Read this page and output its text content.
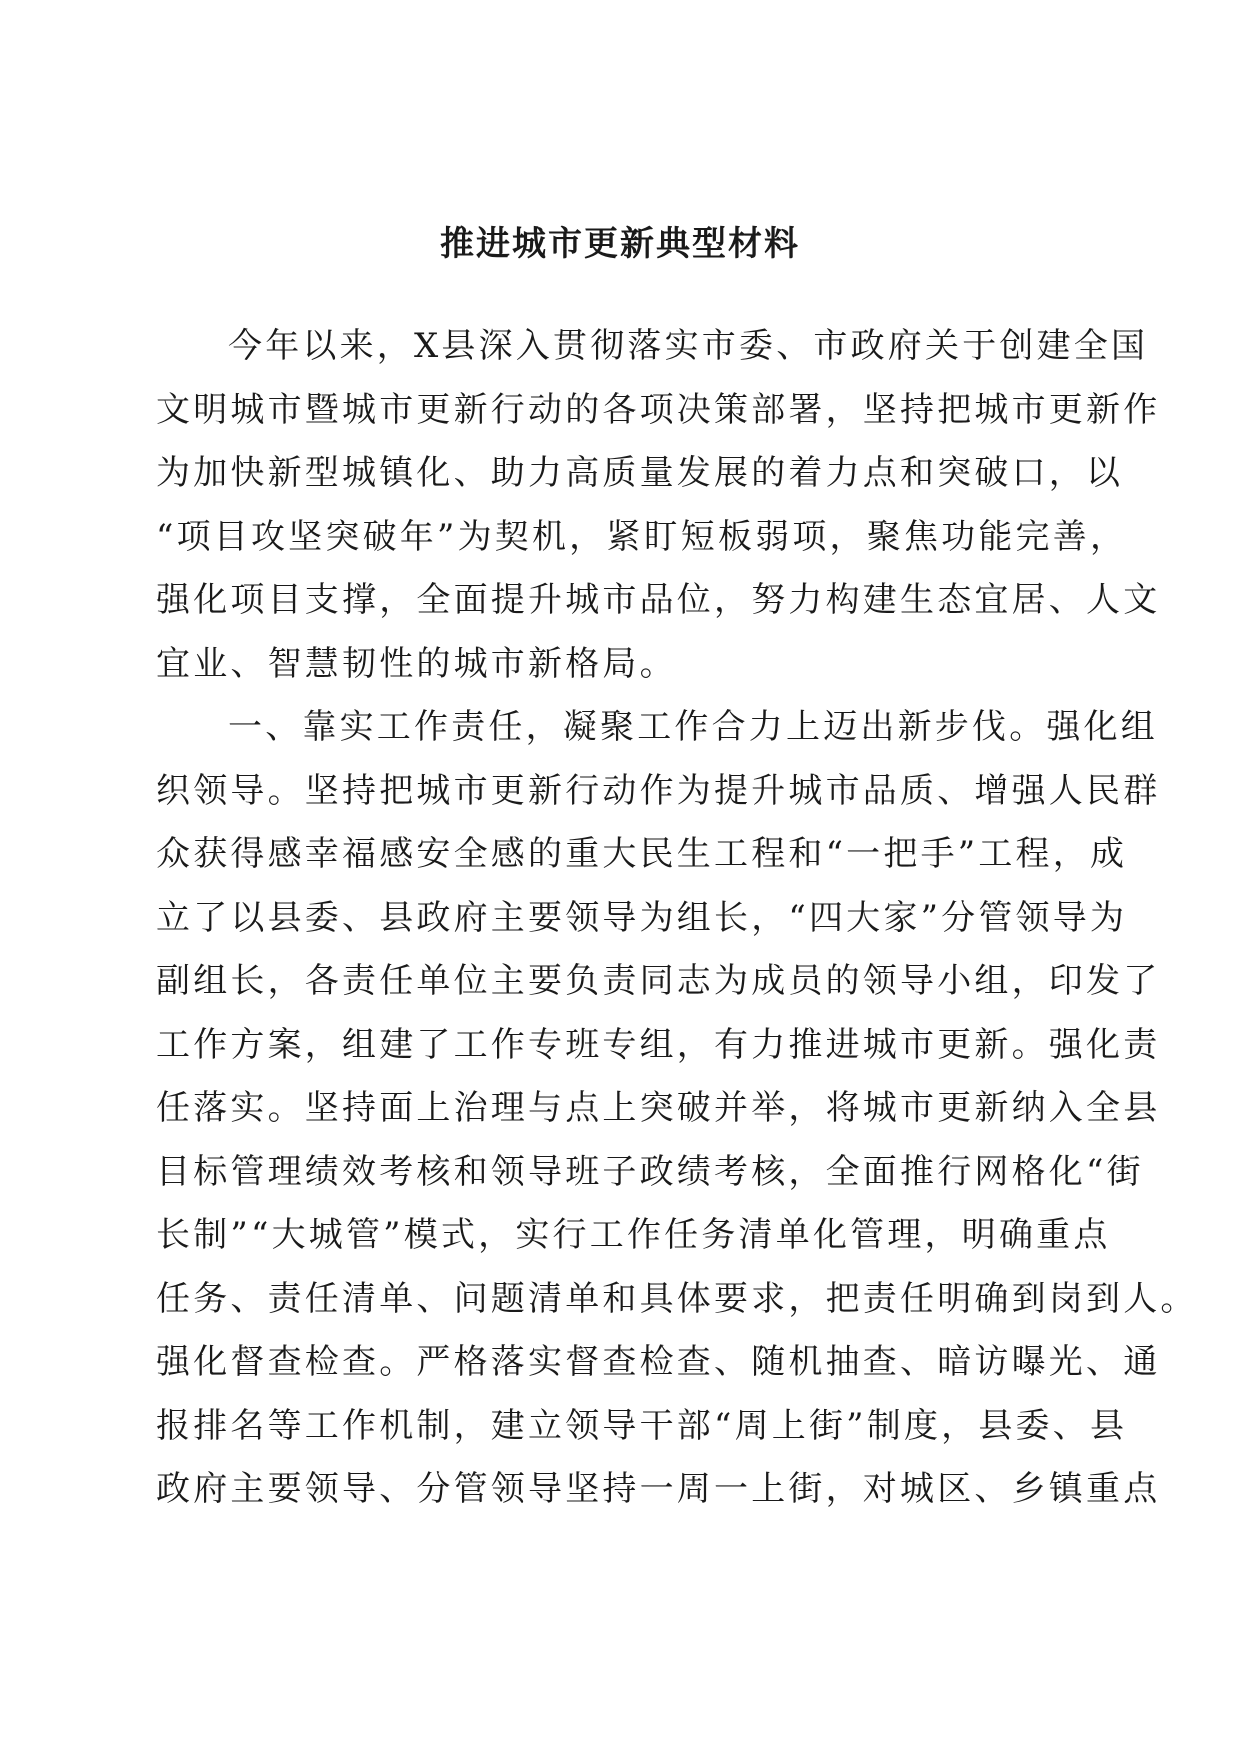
推进城市更新典型材料
今年以来，X县深入贯彻落实市委、市政府关于创建全国
文明城市暨城市更新行动的各项决策部署，坚持把城市更新作
为加快新型城镇化、助力高质量发展的着力点和突破口，以
“项目攻坚突破年”为契机，紧盯短板弱项，聚焦功能完善，
强化项目支撑，全面提升城市品位，努力构建生态宜居、人文
宜业、智慧韧性的城市新格局。
一、靠实工作责任，凝聚工作合力上迈出新步伐。强化组
织领导。坚持把城市更新行动作为提升城市品质、增强人民群
众获得感幸福感安全感的重大民生工程和“一把手”工程，成
立了以县委、县政府主要领导为组长，“四大家”分管领导为
副组长，各责任单位主要负责同志为成员的领导小组，印发了
工作方案，组建了工作专班专组，有力推进城市更新。强化责
任落实。坚持面上治理与点上突破并举，将城市更新纳入全县
目标管理绩效考核和领导班子政绩考核，全面推行网格化“街
长制”“大城管”模式，实行工作任务清单化管理，明确重点
任务、责任清单、问题清单和具体要求，把责任明确到岗到人。
强化督查检查。严格落实督查检查、随机抽查、暗访曝光、通
报排名等工作机制，建立领导干部“周上街”制度，县委、县
政府主要领导、分管领导坚持一周一上街，对城区、乡镇重点
